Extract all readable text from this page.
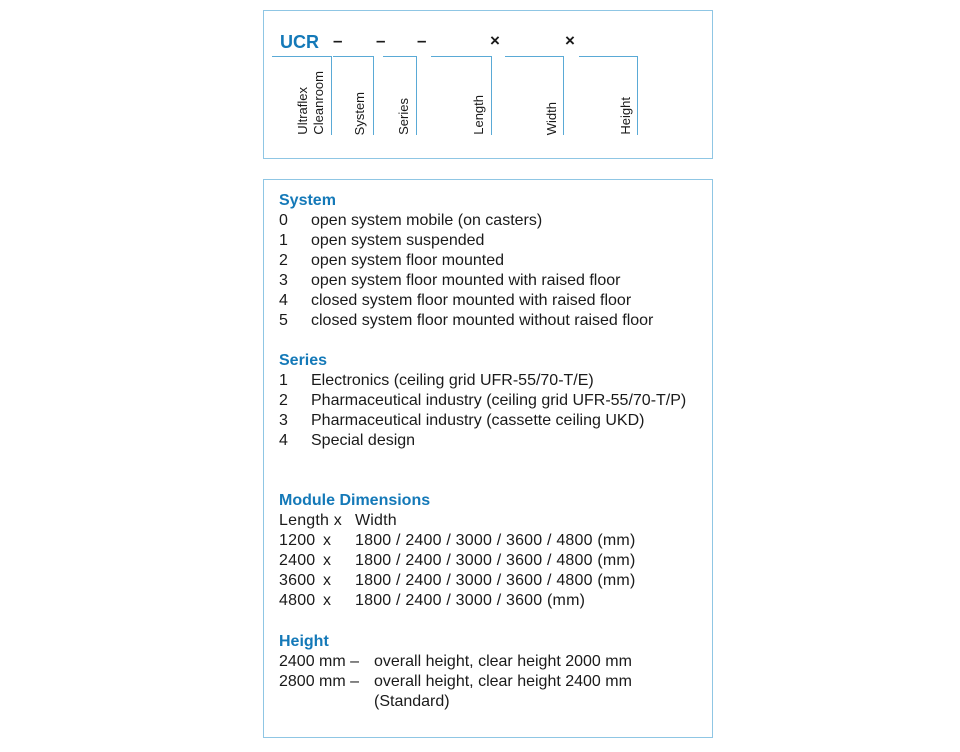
UCR – – –	×	×
Ultraflex Cleanroom System Series	Length	Width	Height
System
0	open system mobile (on casters)
1	open system suspended
2	open system floor mounted
3	open system floor mounted with raised floor
4	closed system floor mounted with raised floor
5	closed system floor mounted without raised floor
Series
1	Electronics (ceiling grid UFR-55/70-T/E)
2	Pharmaceutical industry (ceiling grid UFR-55/70-T/P)
3	Pharmaceutical industry (cassette ceiling UKD)
4	Special design
Module Dimensions
Length x Width
1200 x	1800 / 2400 / 3000 / 3600 / 4800 (mm)
2400 x	1800 / 2400 / 3000 / 3600 / 4800 (mm)
3600 x	1800 / 2400 / 3000 / 3600 / 4800 (mm)
4800 x	1800 / 2400 / 3000 / 3600 (mm)
Height
2400 mm – overall height, clear height 2000 mm
2800 mm – overall height, clear height 2400 mm (Standard)
